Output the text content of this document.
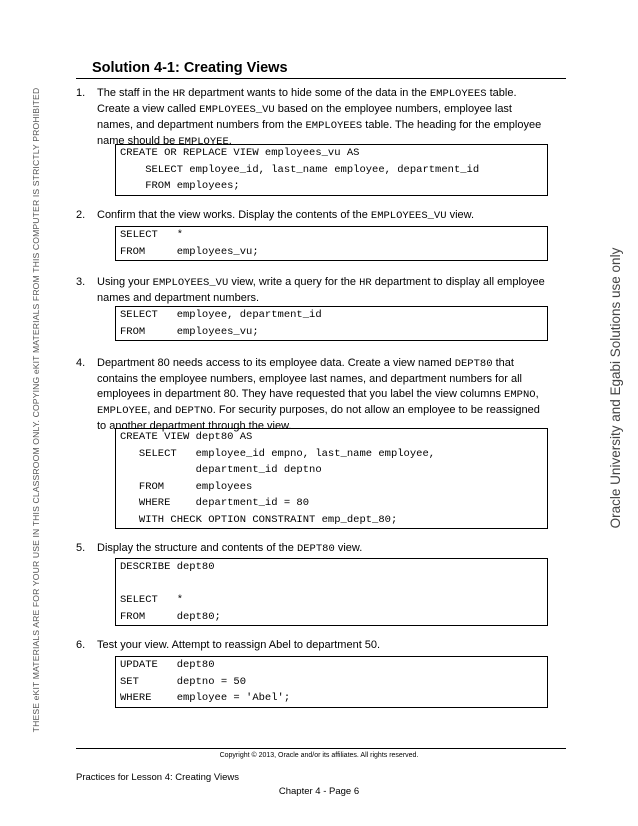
THESE eKIT MATERIALS ARE FOR YOUR USE IN THIS CLASSROOM ONLY. COPYING eKIT MATERIALS FROM THIS COMPUTER IS STRICTLY PROHIBITED	Oracle University and Egabi Solutions use only
Solution 4-1: Creating Views
1.	The staff in the HR department wants to hide some of the data in the EMPLOYEES table. Create a view called EMPLOYEES_VU based on the employee numbers, employee last names, and department numbers from the EMPLOYEES table. The heading for the employee name should be EMPLOYEE.
CREATE OR REPLACE VIEW employees_vu AS
SELECT employee_id, last_name employee, department_id
FROM employees;
2.	Confirm that the view works. Display the contents of the EMPLOYEES_VU view.
SELECT   *
FROM     employees_vu;
3.	Using your EMPLOYEES_VU view, write a query for the HR department to display all employee names and department numbers.
SELECT   employee, department_id
FROM     employees_vu;
4.	Department 80 needs access to its employee data. Create a view named DEPT80 that contains the employee numbers, employee last names, and department numbers for all employees in department 80. They have requested that you label the view columns EMPNO, EMPLOYEE, and DEPTNO. For security purposes, do not allow an employee to be reassigned to another department through the view.
CREATE VIEW dept80 AS
SELECT   employee_id empno, last_name employee,
department_id deptno
FROM     employees
WHERE    department_id = 80
WITH CHECK OPTION CONSTRAINT emp_dept_80;
5.	Display the structure and contents of the DEPT80 view.
DESCRIBE dept80
SELECT   *
FROM     dept80;
6.	Test your view. Attempt to reassign Abel to department 50.
UPDATE   dept80
SET      deptno = 50
WHERE    employee = 'Abel';
Copyright © 2013, Oracle and/or its affiliates. All rights reserved.
Practices for Lesson 4: Creating Views
Chapter 4 - Page 6
